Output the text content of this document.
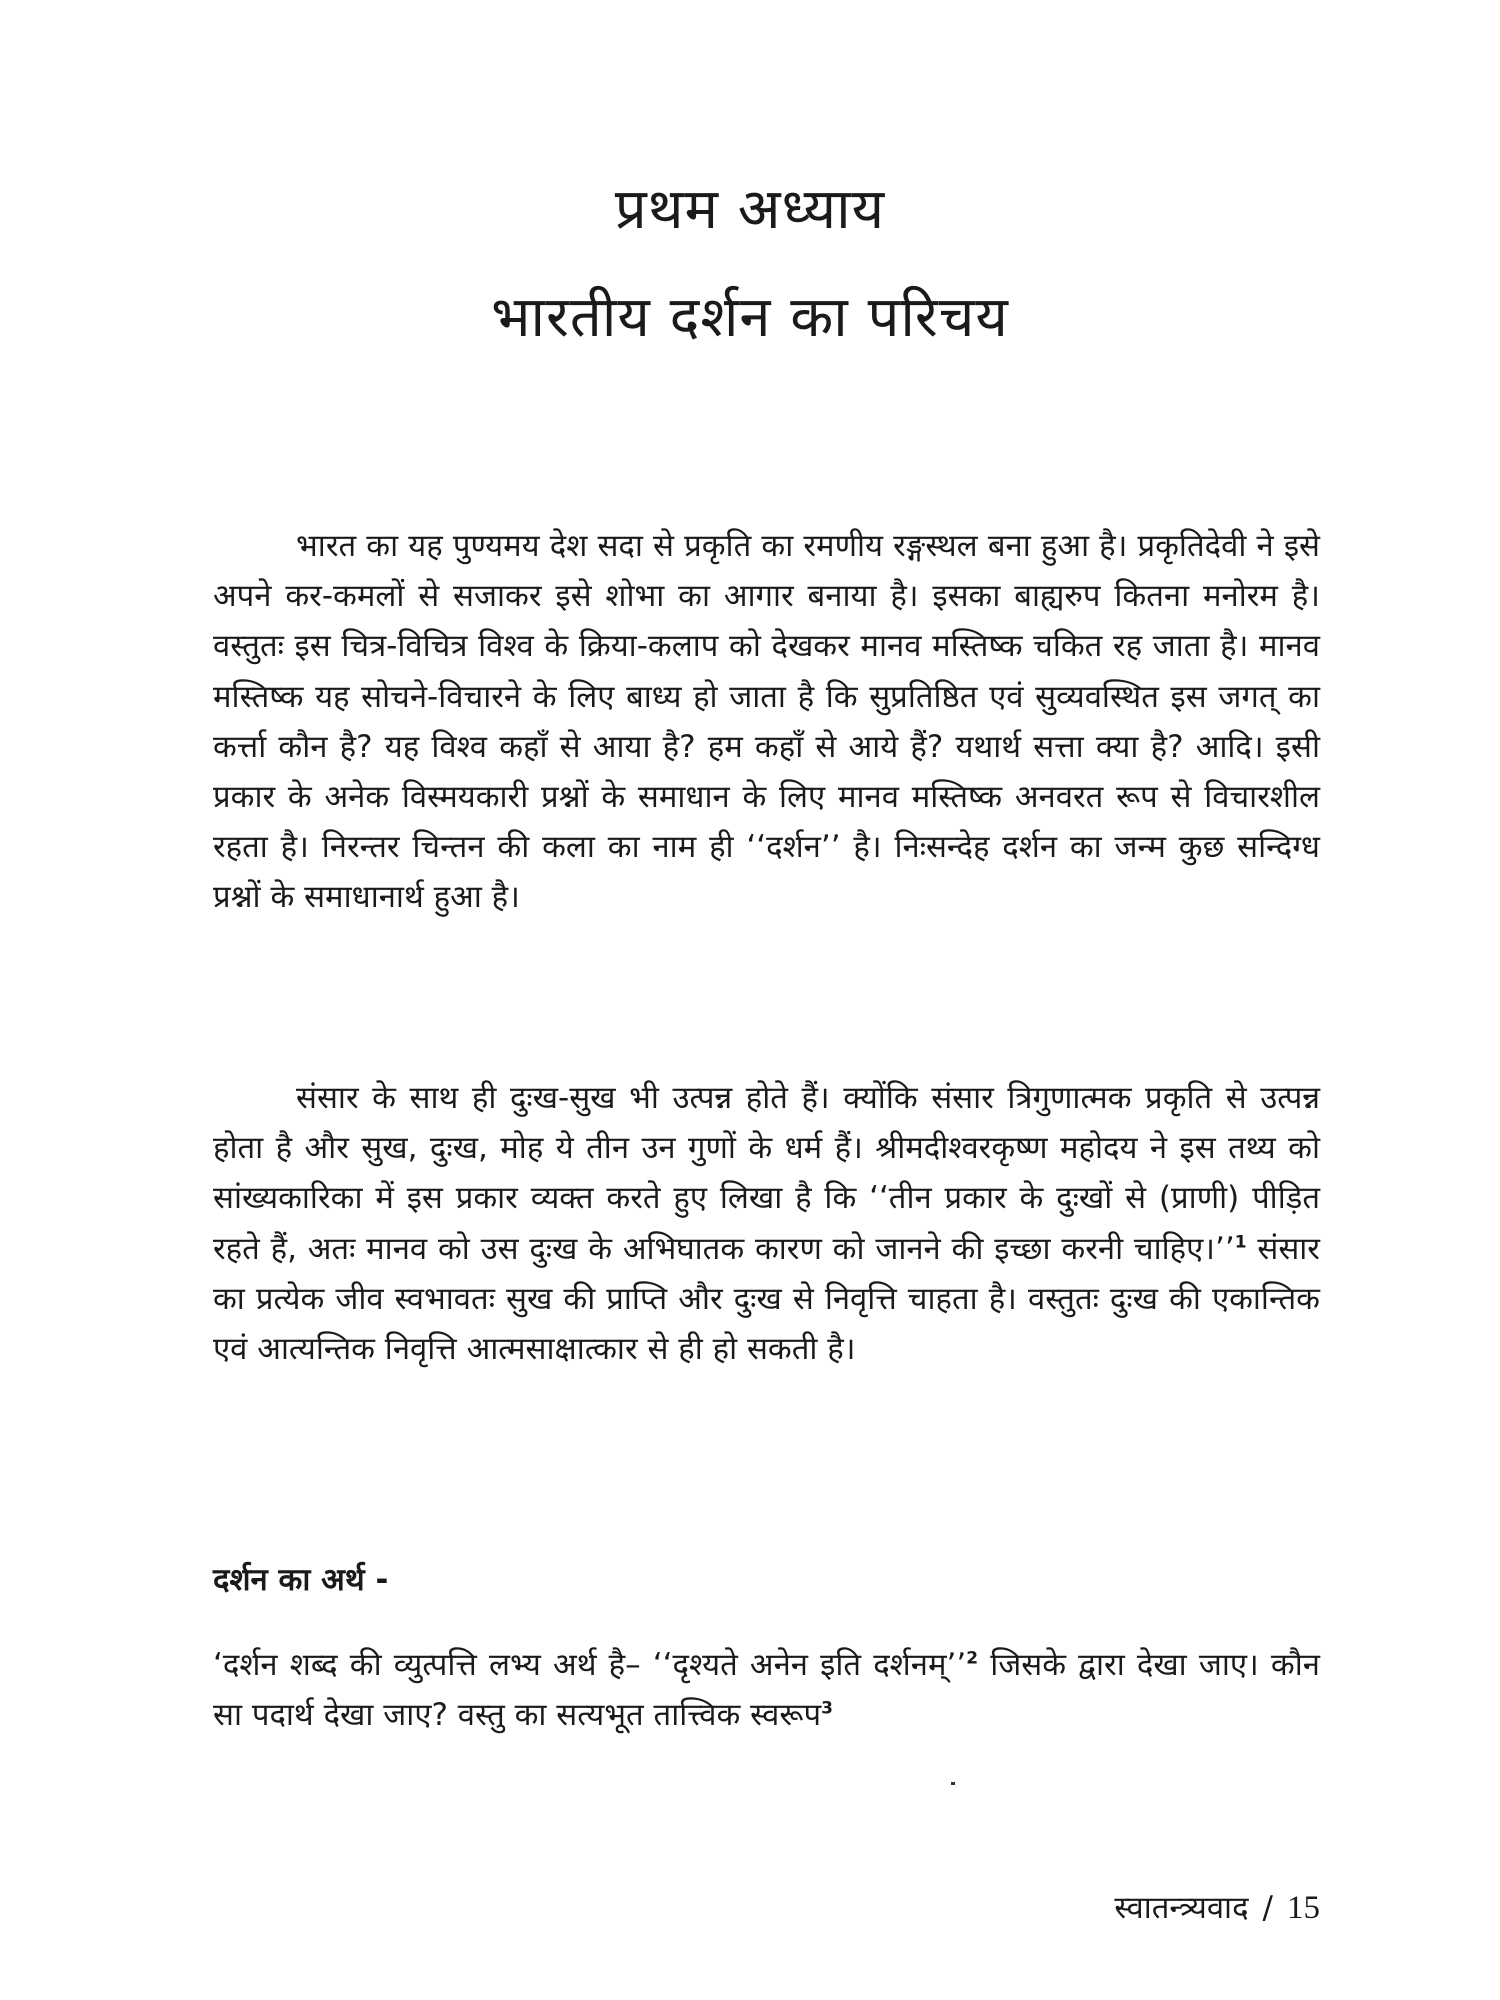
प्रथम अध्याय
भारतीय दर्शन का परिचय

भारत का यह पुण्यमय देश सदा से प्रकृति का रमणीय रङ्गस्थल बना हुआ है। प्रकृतिदेवी ने इसे अपने कर-कमलों से सजाकर इसे शोभा का आगार बनाया है। इसका बाह्यरुप कितना मनोरम है। वस्तुतः इस चित्र-विचित्र विश्व के क्रिया-कलाप को देखकर मानव मस्तिष्क चकित रह जाता है। मानव मस्तिष्क यह सोचने-विचारने के लिए बाध्य हो जाता है कि सुप्रतिष्ठित एवं सुव्यवस्थित इस जगत् का कर्त्ता कौन है? यह विश्व कहाँ से आया है? हम कहाँ से आये हैं? यथार्थ सत्ता क्या है? आदि। इसी प्रकार के अनेक विस्मयकारी प्रश्नों के समाधान के लिए मानव मस्तिष्क अनवरत रूप से विचारशील रहता है। निरन्तर चिन्तन की कला का नाम ही ‘‘दर्शन’’ है। निःसन्देह दर्शन का जन्म कुछ सन्दिग्ध प्रश्नों के समाधानार्थ हुआ है।

संसार के साथ ही दुःख-सुख भी उत्पन्न होते हैं। क्योंकि संसार त्रिगुणात्मक प्रकृति से उत्पन्न होता है और सुख, दुःख, मोह ये तीन उन गुणों के धर्म हैं। श्रीमदीश्वरकृष्ण महोदय ने इस तथ्य को सांख्यकारिका में इस प्रकार व्यक्त करते हुए लिखा है कि ‘‘तीन प्रकार के दुःखों से (प्राणी) पीड़ित रहते हैं, अतः मानव को उस दुःख के अभिघातक कारण को जानने की इच्छा करनी चाहिए।’’$^1$ संसार का प्रत्येक जीव स्वभावतः सुख की प्राप्ति और दुःख से निवृत्ति चाहता है। वस्तुतः दुःख की एकान्तिक एवं आत्यन्तिक निवृत्ति आत्मसाक्षात्कार से ही हो सकती है।

दर्शन का अर्थ -

‘दर्शन शब्द की व्युत्पत्ति लभ्य अर्थ है– ‘‘दृश्यते अनेन इति दर्शनम्’’$^2$ जिसके द्वारा देखा जाए। कौन सा पदार्थ देखा जाए? वस्तु का सत्यभूत तात्त्विक स्वरूप$^3$

स्वातन्त्र्यवाद / 15
